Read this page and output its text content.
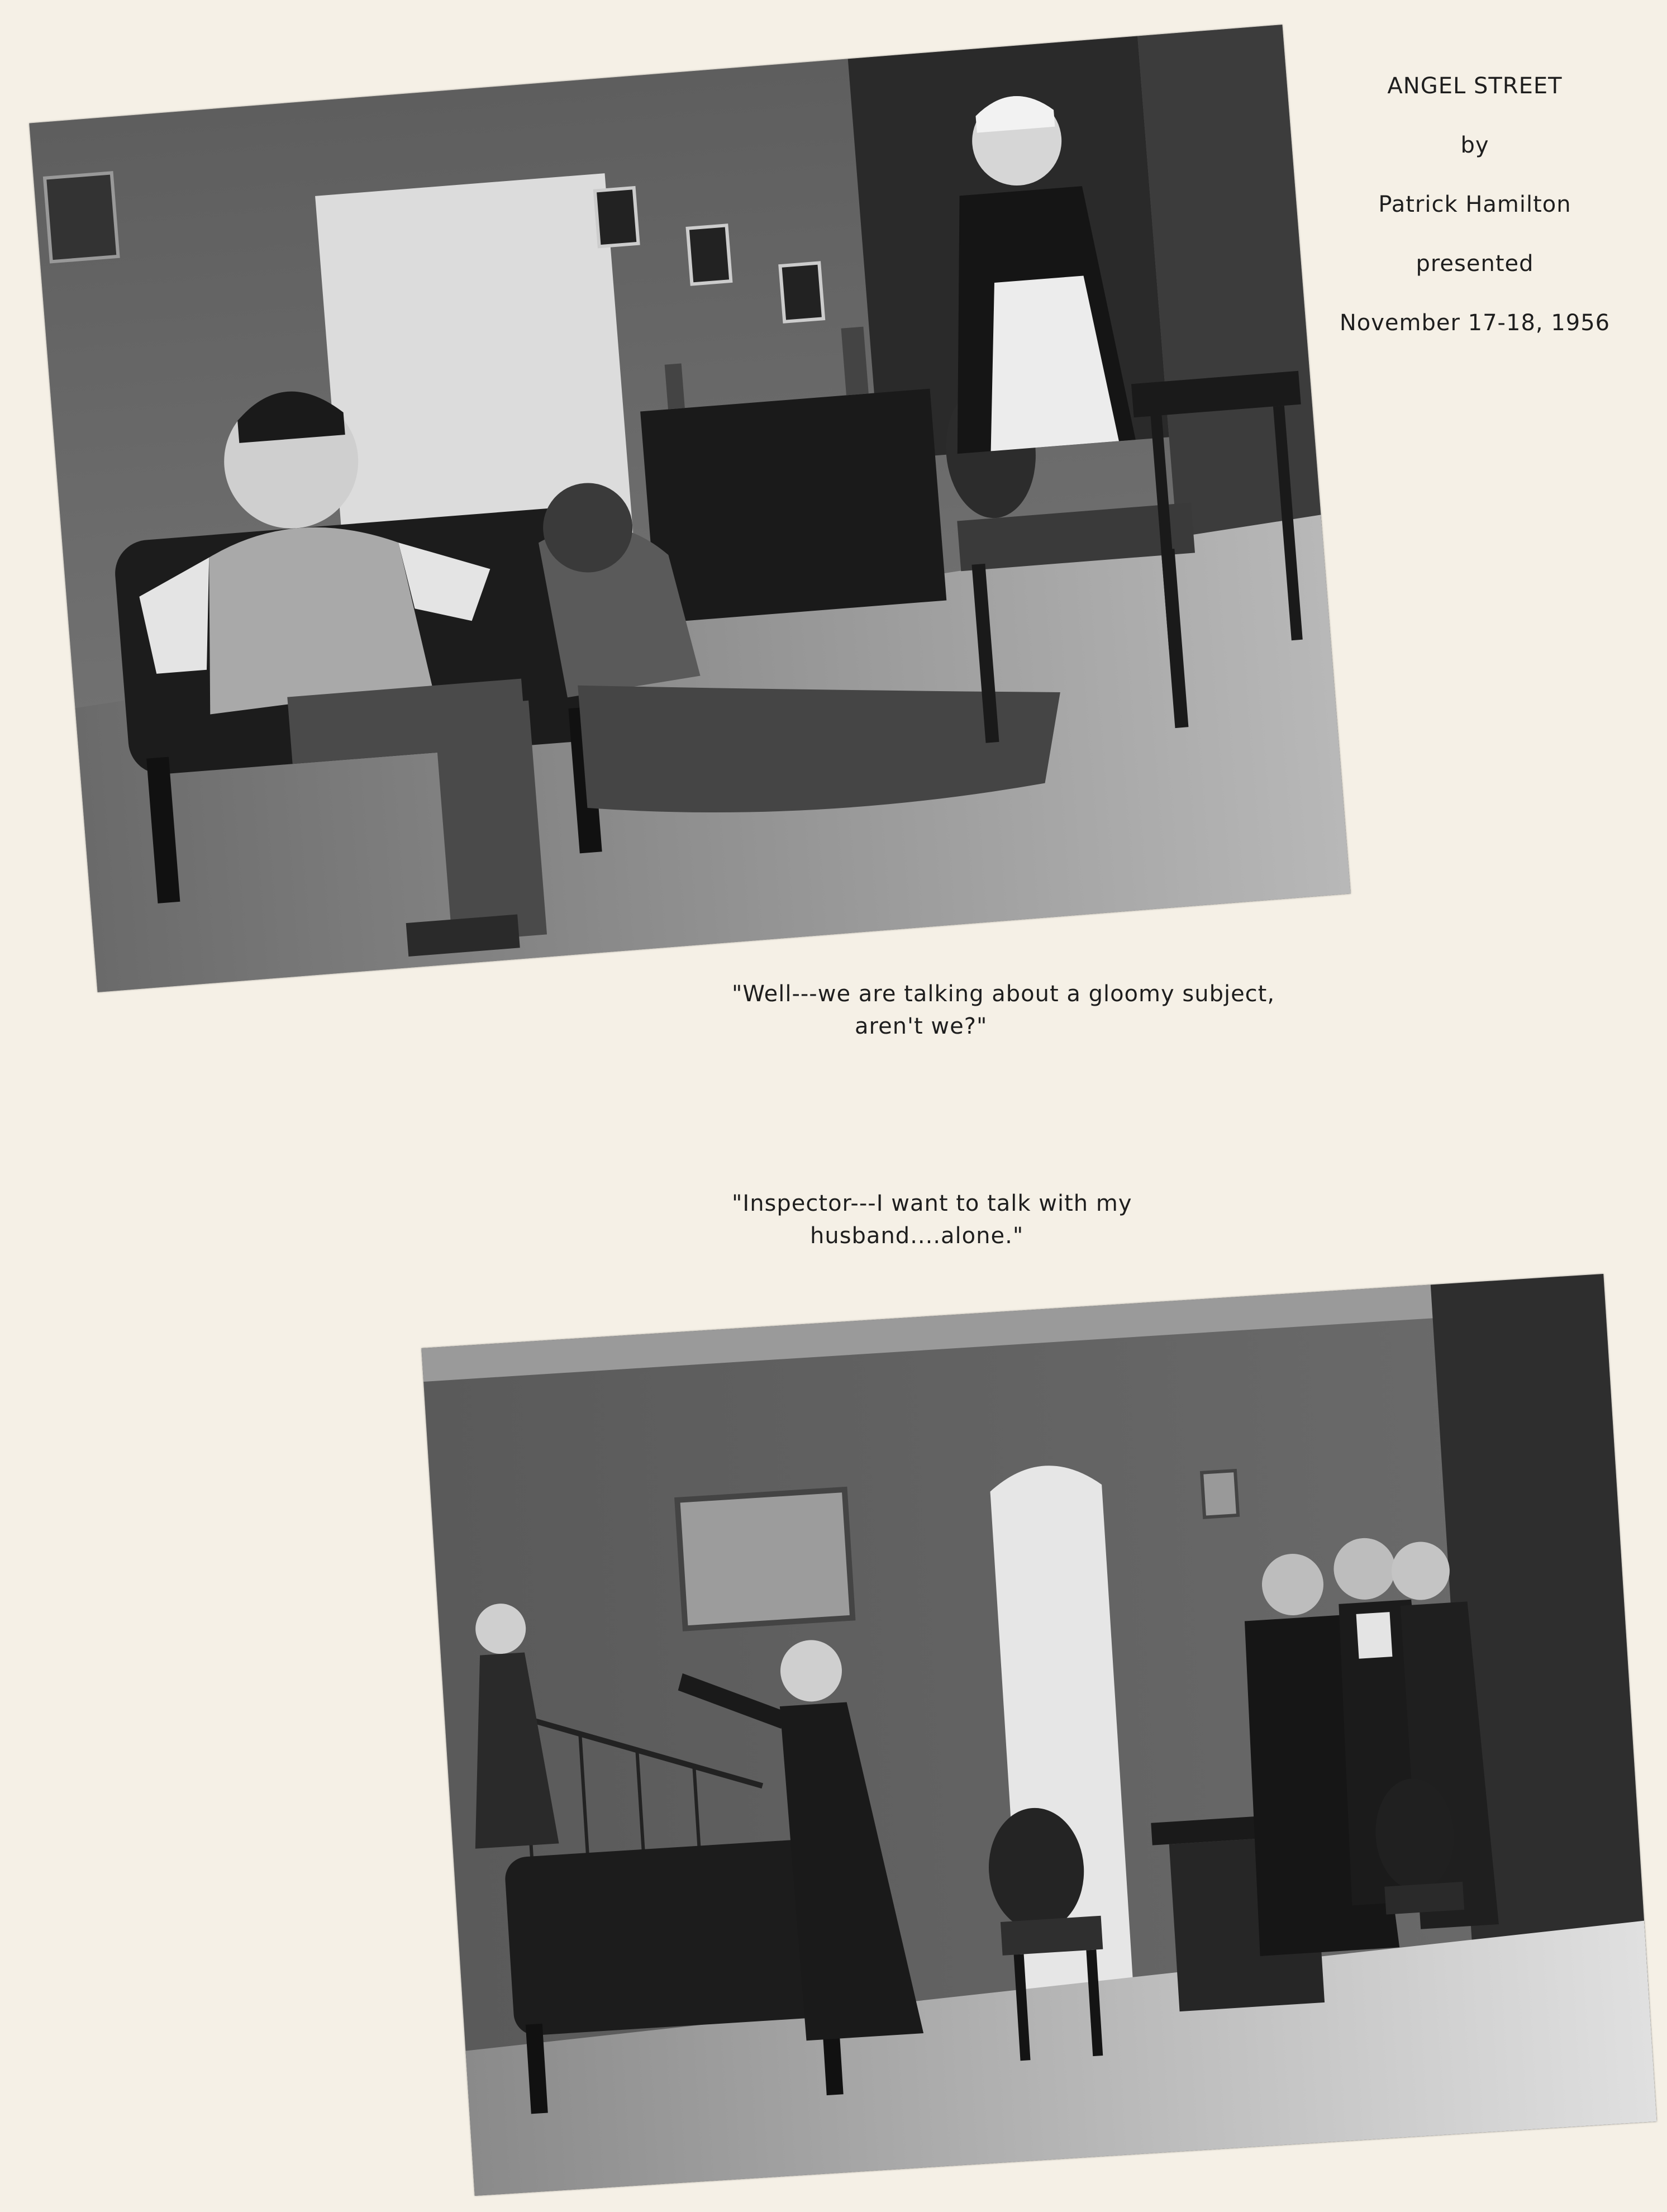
ANGEL STREET
by
Patrick Hamilton
presented
November 17-18, 1956
"Well---we are talking about a gloomy subject,
aren't we?"
"Inspector---I want to talk with my
husband....alone."
